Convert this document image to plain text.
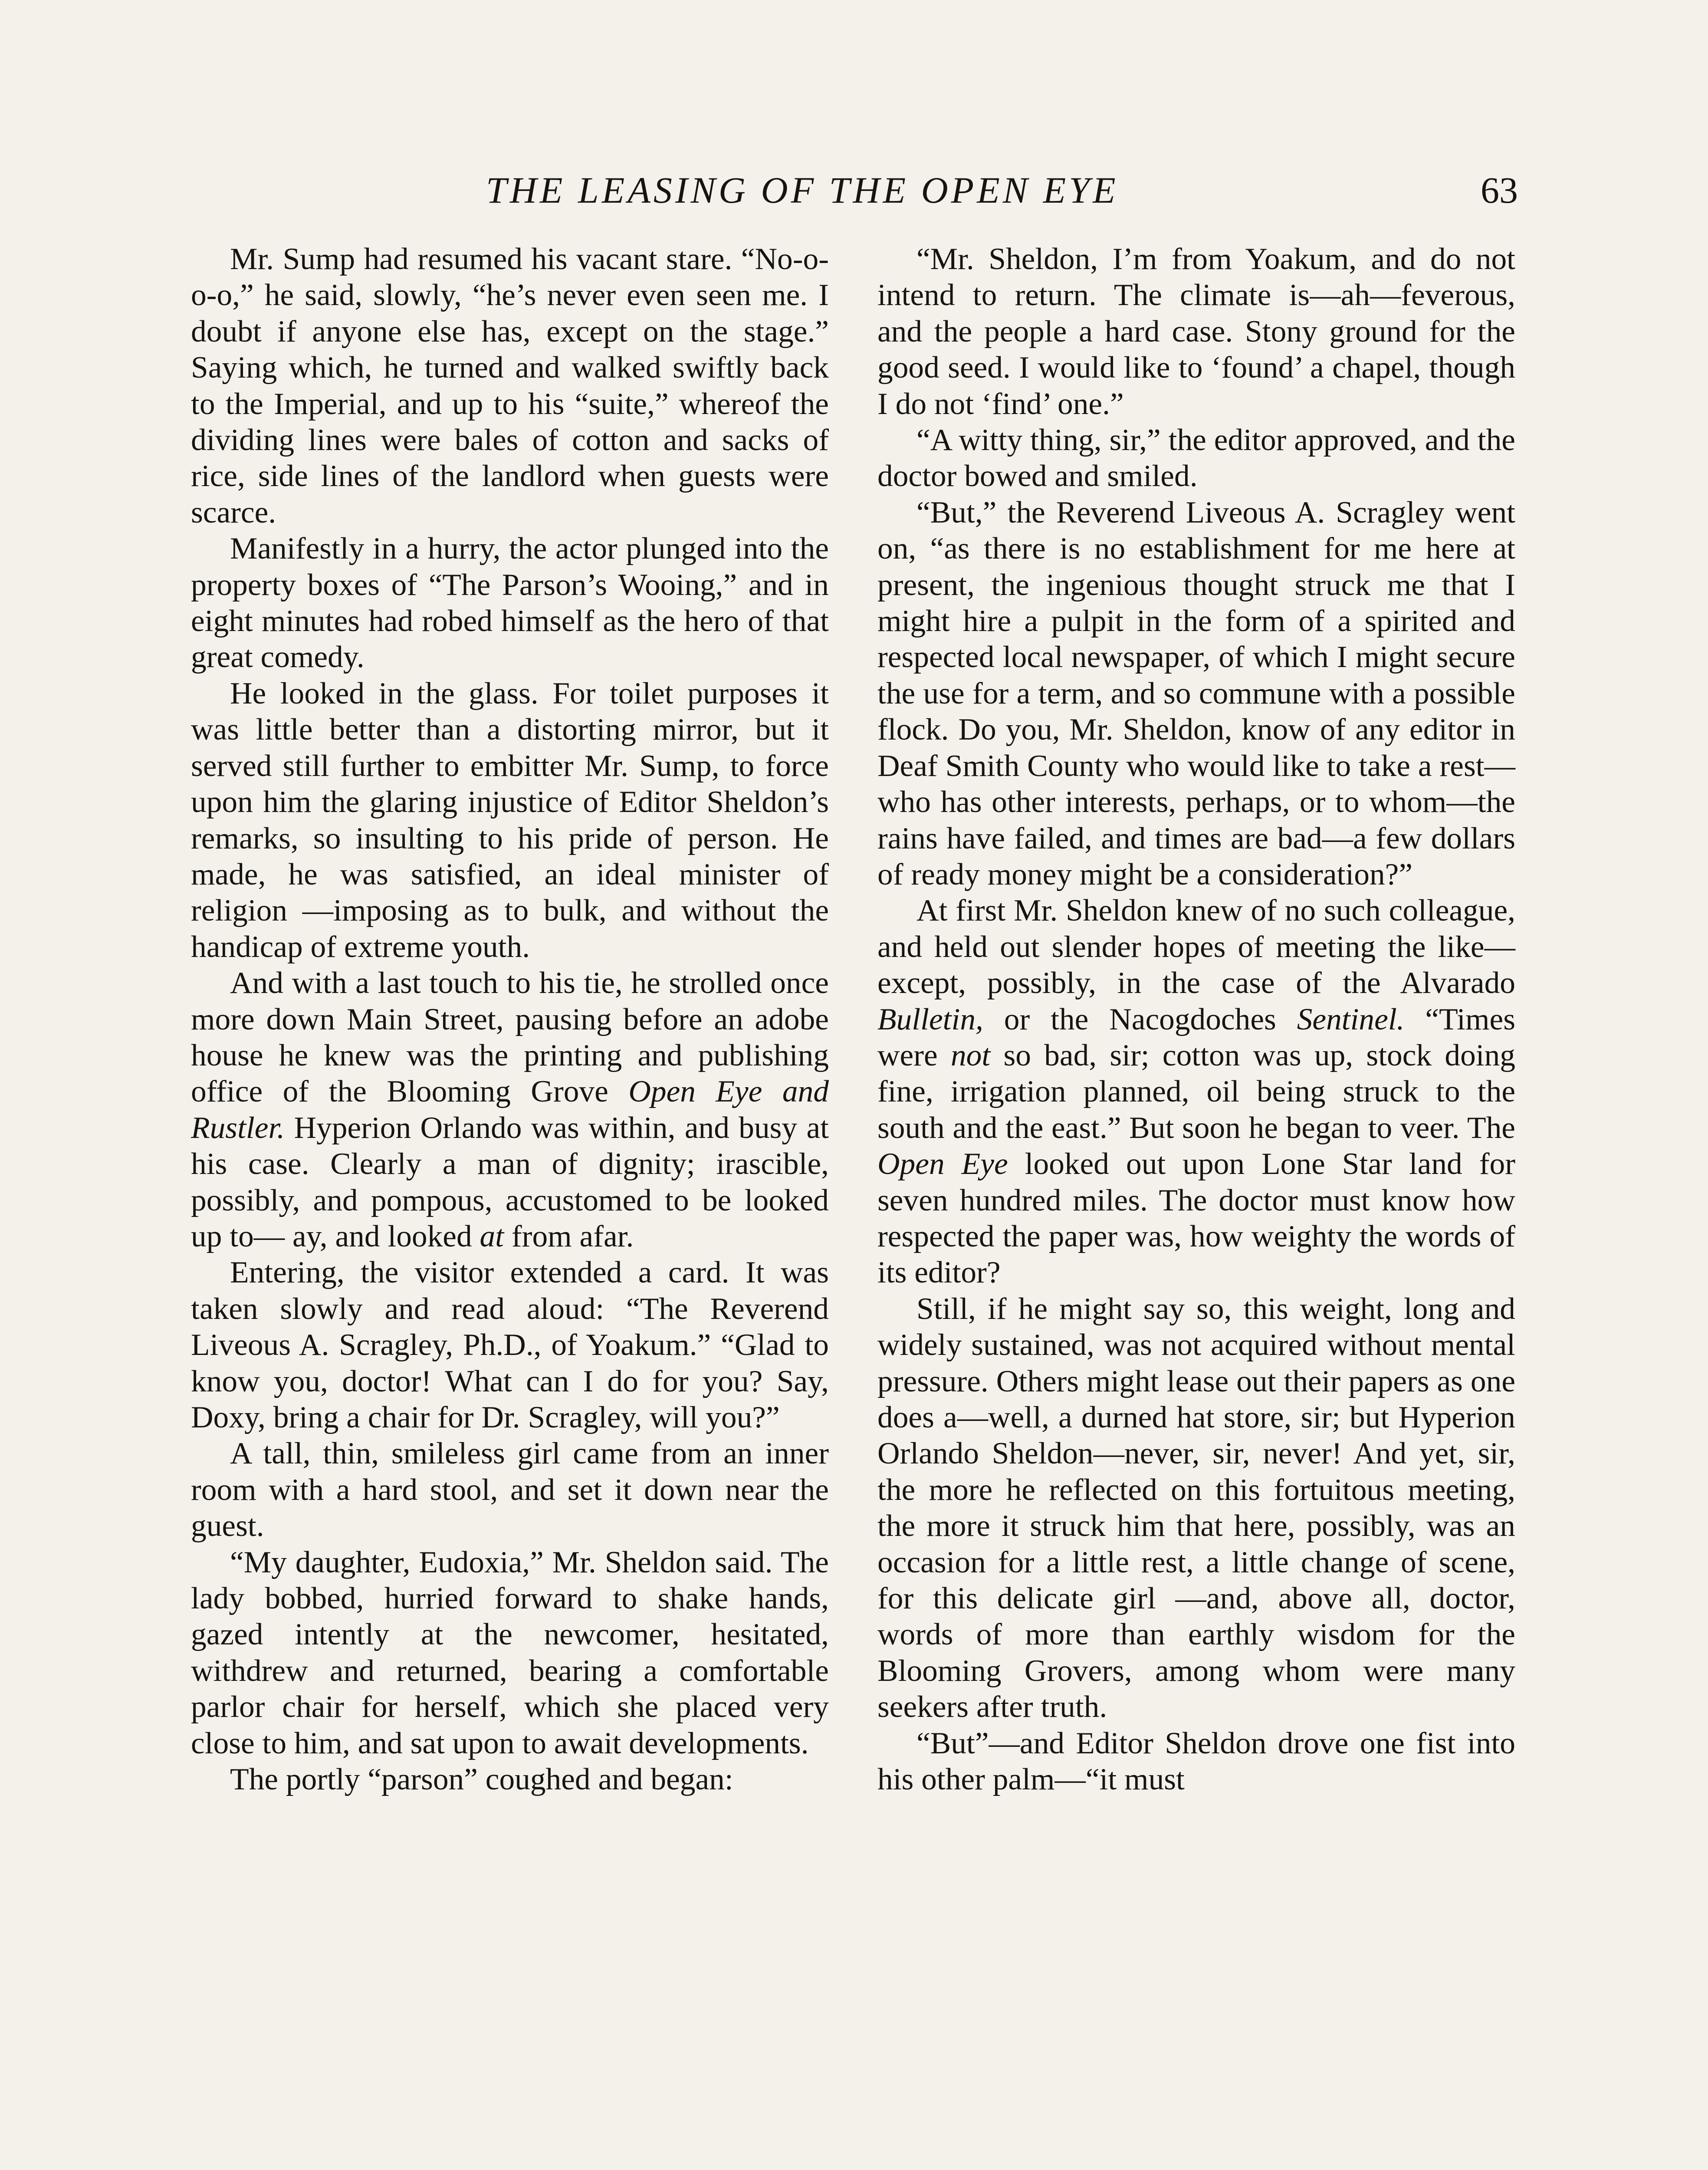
THE LEASING OF THE OPEN EYE	63

Mr. Sump had resumed his vacant stare. “No-o-o-o,” he said, slowly, “he’s never even seen me. I doubt if anyone else has, except on the stage.” Saying which, he turned and walked swiftly back to the Imperial, and up to his “suite,” whereof the dividing lines were bales of cotton and sacks of rice, side lines of the landlord when guests were scarce.

Manifestly in a hurry, the actor plunged into the property boxes of “The Parson’s Wooing,” and in eight minutes had robed himself as the hero of that great comedy.

He looked in the glass. For toilet purposes it was little better than a distorting mirror, but it served still further to embitter Mr. Sump, to force upon him the glaring injustice of Editor Sheldon’s remarks, so insulting to his pride of person. He made, he was satisfied, an ideal minister of religion —imposing as to bulk, and without the handicap of extreme youth.

And with a last touch to his tie, he strolled once more down Main Street, pausing before an adobe house he knew was the printing and publishing office of the Blooming Grove Open Eye and Rustler. Hyperion Orlando was within, and busy at his case. Clearly a man of dignity; irascible, possibly, and pompous, accustomed to be looked up to— ay, and looked at from afar.

Entering, the visitor extended a card. It was taken slowly and read aloud: “The Reverend Liveous A. Scragley, Ph.D., of Yoakum.” “Glad to know you, doctor! What can I do for you? Say, Doxy, bring a chair for Dr. Scragley, will you?”

A tall, thin, smileless girl came from an inner room with a hard stool, and set it down near the guest.

“My daughter, Eudoxia,” Mr. Sheldon said. The lady bobbed, hurried forward to shake hands, gazed intently at the newcomer, hesitated, withdrew and returned, bearing a comfortable parlor chair for herself, which she placed very close to him, and sat upon to await developments.

The portly “parson” coughed and began:

“Mr. Sheldon, I’m from Yoakum, and do not intend to return. The climate is—ah—feverous, and the people a hard case. Stony ground for the good seed. I would like to ‘found’ a chapel, though I do not ‘find’ one.”

“A witty thing, sir,” the editor approved, and the doctor bowed and smiled.

“But,” the Reverend Liveous A. Scragley went on, “as there is no establishment for me here at present, the ingenious thought struck me that I might hire a pulpit in the form of a spirited and respected local newspaper, of which I might secure the use for a term, and so commune with a possible flock. Do you, Mr. Sheldon, know of any editor in Deaf Smith County who would like to take a rest—who has other interests, perhaps, or to whom—the rains have failed, and times are bad—a few dollars of ready money might be a consideration?”

At first Mr. Sheldon knew of no such colleague, and held out slender hopes of meeting the like—except, possibly, in the case of the Alvarado Bulletin, or the Nacogdoches Sentinel. “Times were not so bad, sir; cotton was up, stock doing fine, irrigation planned, oil being struck to the south and the east.” But soon he began to veer. The Open Eye looked out upon Lone Star land for seven hundred miles. The doctor must know how respected the paper was, how weighty the words of its editor?

Still, if he might say so, this weight, long and widely sustained, was not acquired without mental pressure. Others might lease out their papers as one does a—well, a durned hat store, sir; but Hyperion Orlando Sheldon—never, sir, never! And yet, sir, the more he reflected on this fortuitous meeting, the more it struck him that here, possibly, was an occasion for a little rest, a little change of scene, for this delicate girl —and, above all, doctor, words of more than earthly wisdom for the Blooming Grovers, among whom were many seekers after truth.

“But”—and Editor Sheldon drove one fist into his other palm—“it must
